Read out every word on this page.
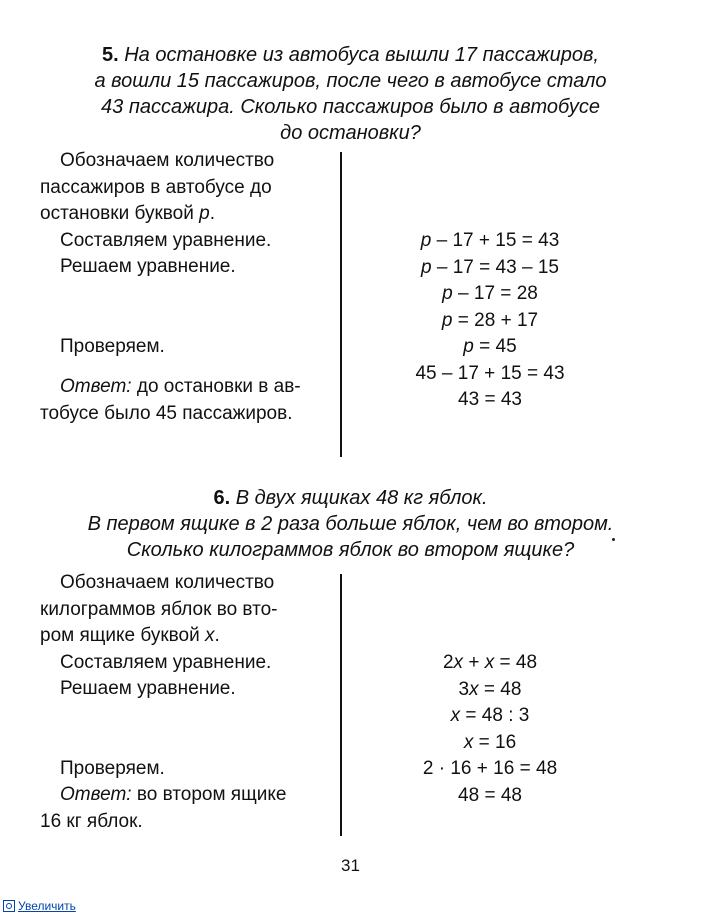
5. На остановке из автобуса вышли 17 пассажиров,
а вошли 15 пассажиров, после чего в автобусе стало
43 пассажира. Сколько пассажиров было в автобусе
до остановки?

Обозначаем количество

пассажиров в автобусе до

остановки буквой p.

Составляем уравнение.

Решаем уравнение.

Проверяем.

Ответ: до остановки в ав-

тобусе было 45 пассажиров.

p – 17 + 15 = 43
p – 17 = 43 – 15
p – 17 = 28
p = 28 + 17
p = 45
45 – 17 + 15 = 43
43 = 43
6. В двух ящиках 48 кг яблок.
В первом ящике в 2 раза больше яблок, чем во втором.
Сколько килограммов яблок во втором ящике?

Обозначаем количество

килограммов яблок во вто-

ром ящике буквой x.

Составляем уравнение.

Решаем уравнение.

Проверяем.

Ответ: во втором ящике

16 кг яблок.

2x + x = 48
3x = 48
x = 48 : 3
x = 16
2 · 16 + 16 = 48
48 = 48
31
Увеличить
